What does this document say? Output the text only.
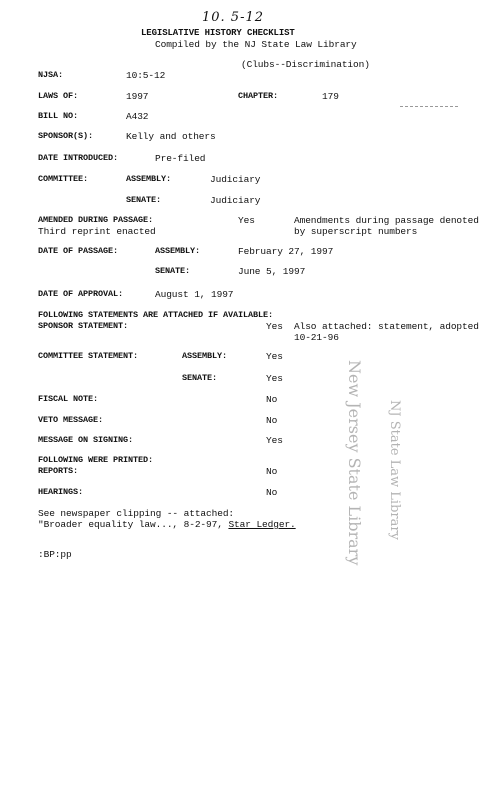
10. 5-12
LEGISLATIVE HISTORY CHECKLIST
Compiled by the NJ State Law Library
(Clubs--Discrimination)
NJSA:	10:5-12
LAWS OF:	1997	CHAPTER:	179
BILL NO:	A432
SPONSOR(S):	Kelly and others
DATE INTRODUCED:	Pre-filed
COMMITTEE:	ASSEMBLY:	Judiciary
SENATE:	Judiciary
AMENDED DURING PASSAGE:
Third reprint enacted
Yes	Amendments during passage denoted
by superscript numbers
DATE OF PASSAGE:	ASSEMBLY:	February 27, 1997
SENATE:	June 5, 1997
DATE OF APPROVAL:	August 1, 1997
FOLLOWING STATEMENTS ARE ATTACHED IF AVAILABLE:
SPONSOR STATEMENT:	Yes Also attached: statement, adopted
10-21-96
COMMITTEE STATEMENT:	ASSEMBLY:	Yes
SENATE:	Yes
FISCAL NOTE:	No
VETO MESSAGE:	No
MESSAGE ON SIGNING:	Yes
FOLLOWING WERE PRINTED:
REPORTS:	No
HEARINGS:	No
See newspaper clipping -- attached:
"Broader equality law..., 8-2-97, Star Ledger.
:BP:pp	New Jersey State Library NJ State Law Library
